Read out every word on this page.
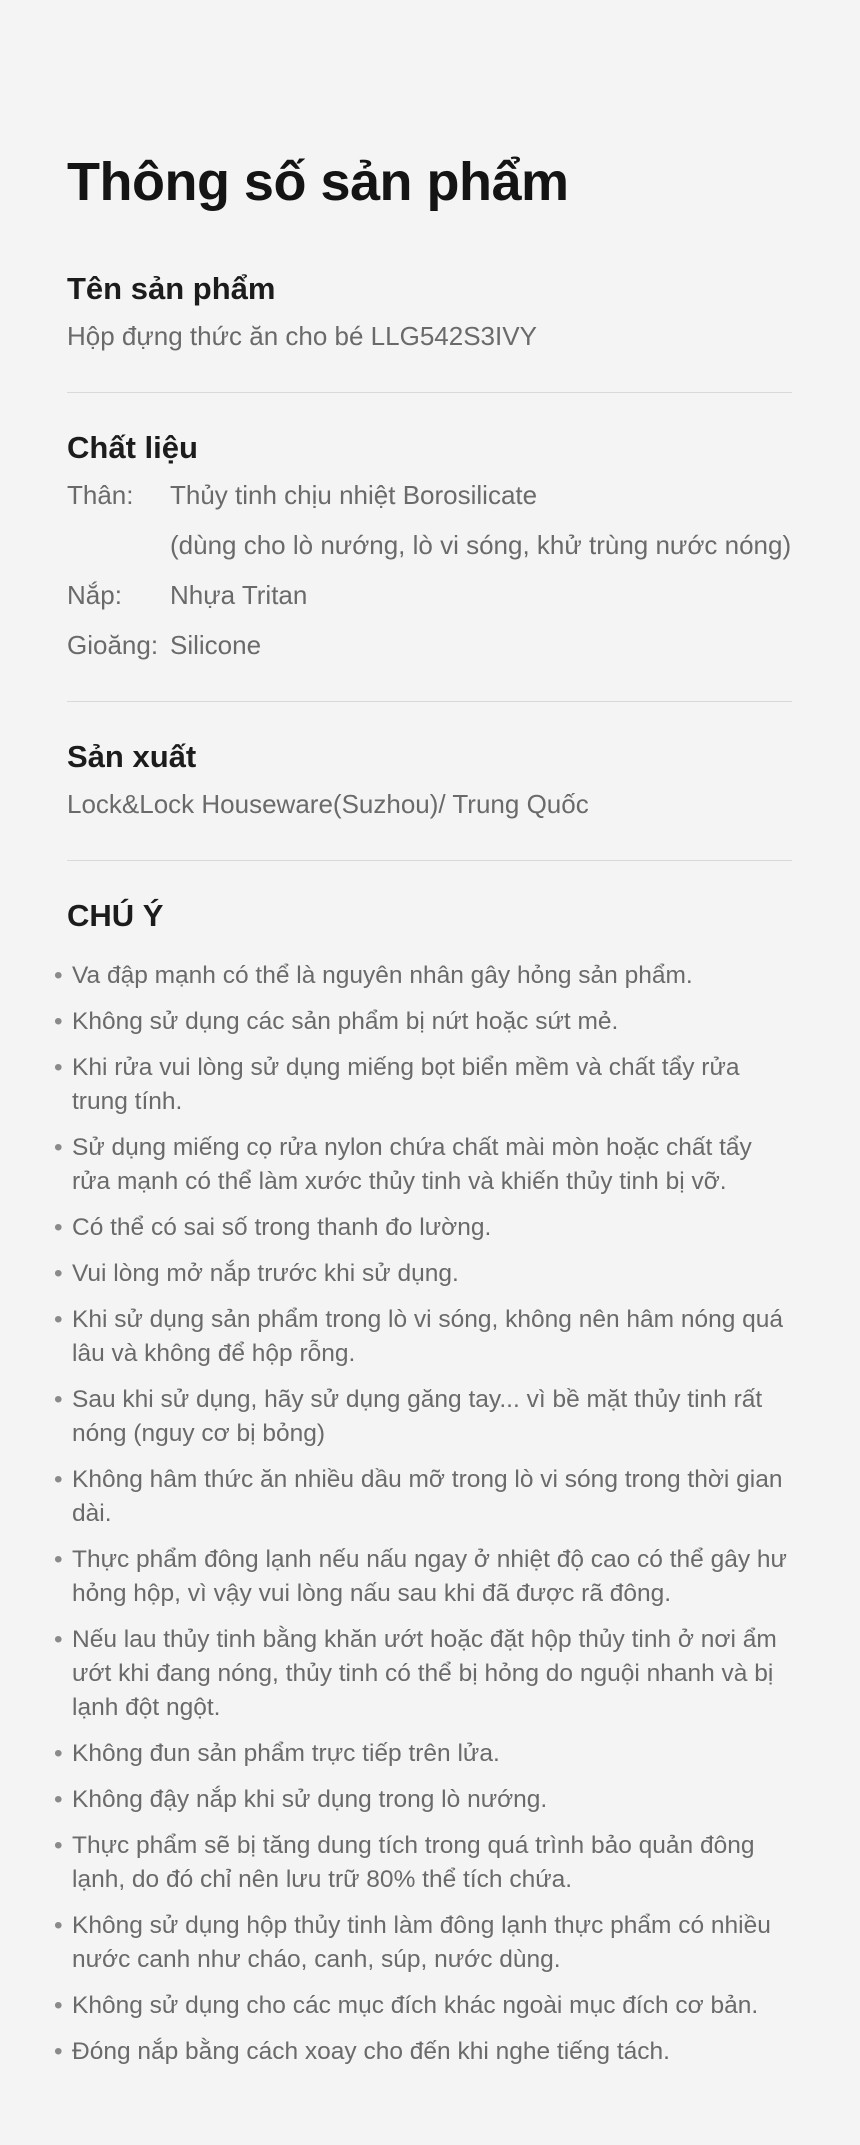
Thông số sản phẩm
Tên sản phẩm
Hộp đựng thức ăn cho bé LLG542S3IVY
Chất liệu
Thân:	Thủy tinh chịu nhiệt Borosilicate
(dùng cho lò nướng, lò vi sóng, khử trùng nước nóng)
Nắp:	Nhựa Tritan
Gioăng: Silicone
Sản xuất
Lock&Lock Houseware(Suzhou)/ Trung Quốc
CHÚ Ý
• Va đập mạnh có thể là nguyên nhân gây hỏng sản phẩm.
• Không sử dụng các sản phẩm bị nứt hoặc sứt mẻ.
• Khi rửa vui lòng sử dụng miếng bọt biển mềm và chất tẩy rửa trung tính.
• Sử dụng miếng cọ rửa nylon chứa chất mài mòn hoặc chất tẩy rửa mạnh có thể làm xước thủy tinh và khiến thủy tinh bị vỡ.
• Có thể có sai số trong thanh đo lường.
• Vui lòng mở nắp trước khi sử dụng.
• Khi sử dụng sản phẩm trong lò vi sóng, không nên hâm nóng quá lâu và không để hộp rỗng.
• Sau khi sử dụng, hãy sử dụng găng tay... vì bề mặt thủy tinh rất nóng (nguy cơ bị bỏng)
• Không hâm thức ăn nhiều dầu mỡ trong lò vi sóng trong thời gian dài.
• Thực phẩm đông lạnh nếu nấu ngay ở nhiệt độ cao có thể gây hư hỏng hộp, vì vậy vui lòng nấu sau khi đã được rã đông.
• Nếu lau thủy tinh bằng khăn ướt hoặc đặt hộp thủy tinh ở nơi ẩm ướt khi đang nóng, thủy tinh có thể bị hỏng do nguội nhanh và bị lạnh đột ngột.
• Không đun sản phẩm trực tiếp trên lửa.
• Không đậy nắp khi sử dụng trong lò nướng.
• Thực phẩm sẽ bị tăng dung tích trong quá trình bảo quản đông lạnh, do đó chỉ nên lưu trữ 80% thể tích chứa.
• Không sử dụng hộp thủy tinh làm đông lạnh thực phẩm có nhiều nước canh như cháo, canh, súp, nước dùng.
• Không sử dụng cho các mục đích khác ngoài mục đích cơ bản.
• Đóng nắp bằng cách xoay cho đến khi nghe tiếng tách.
